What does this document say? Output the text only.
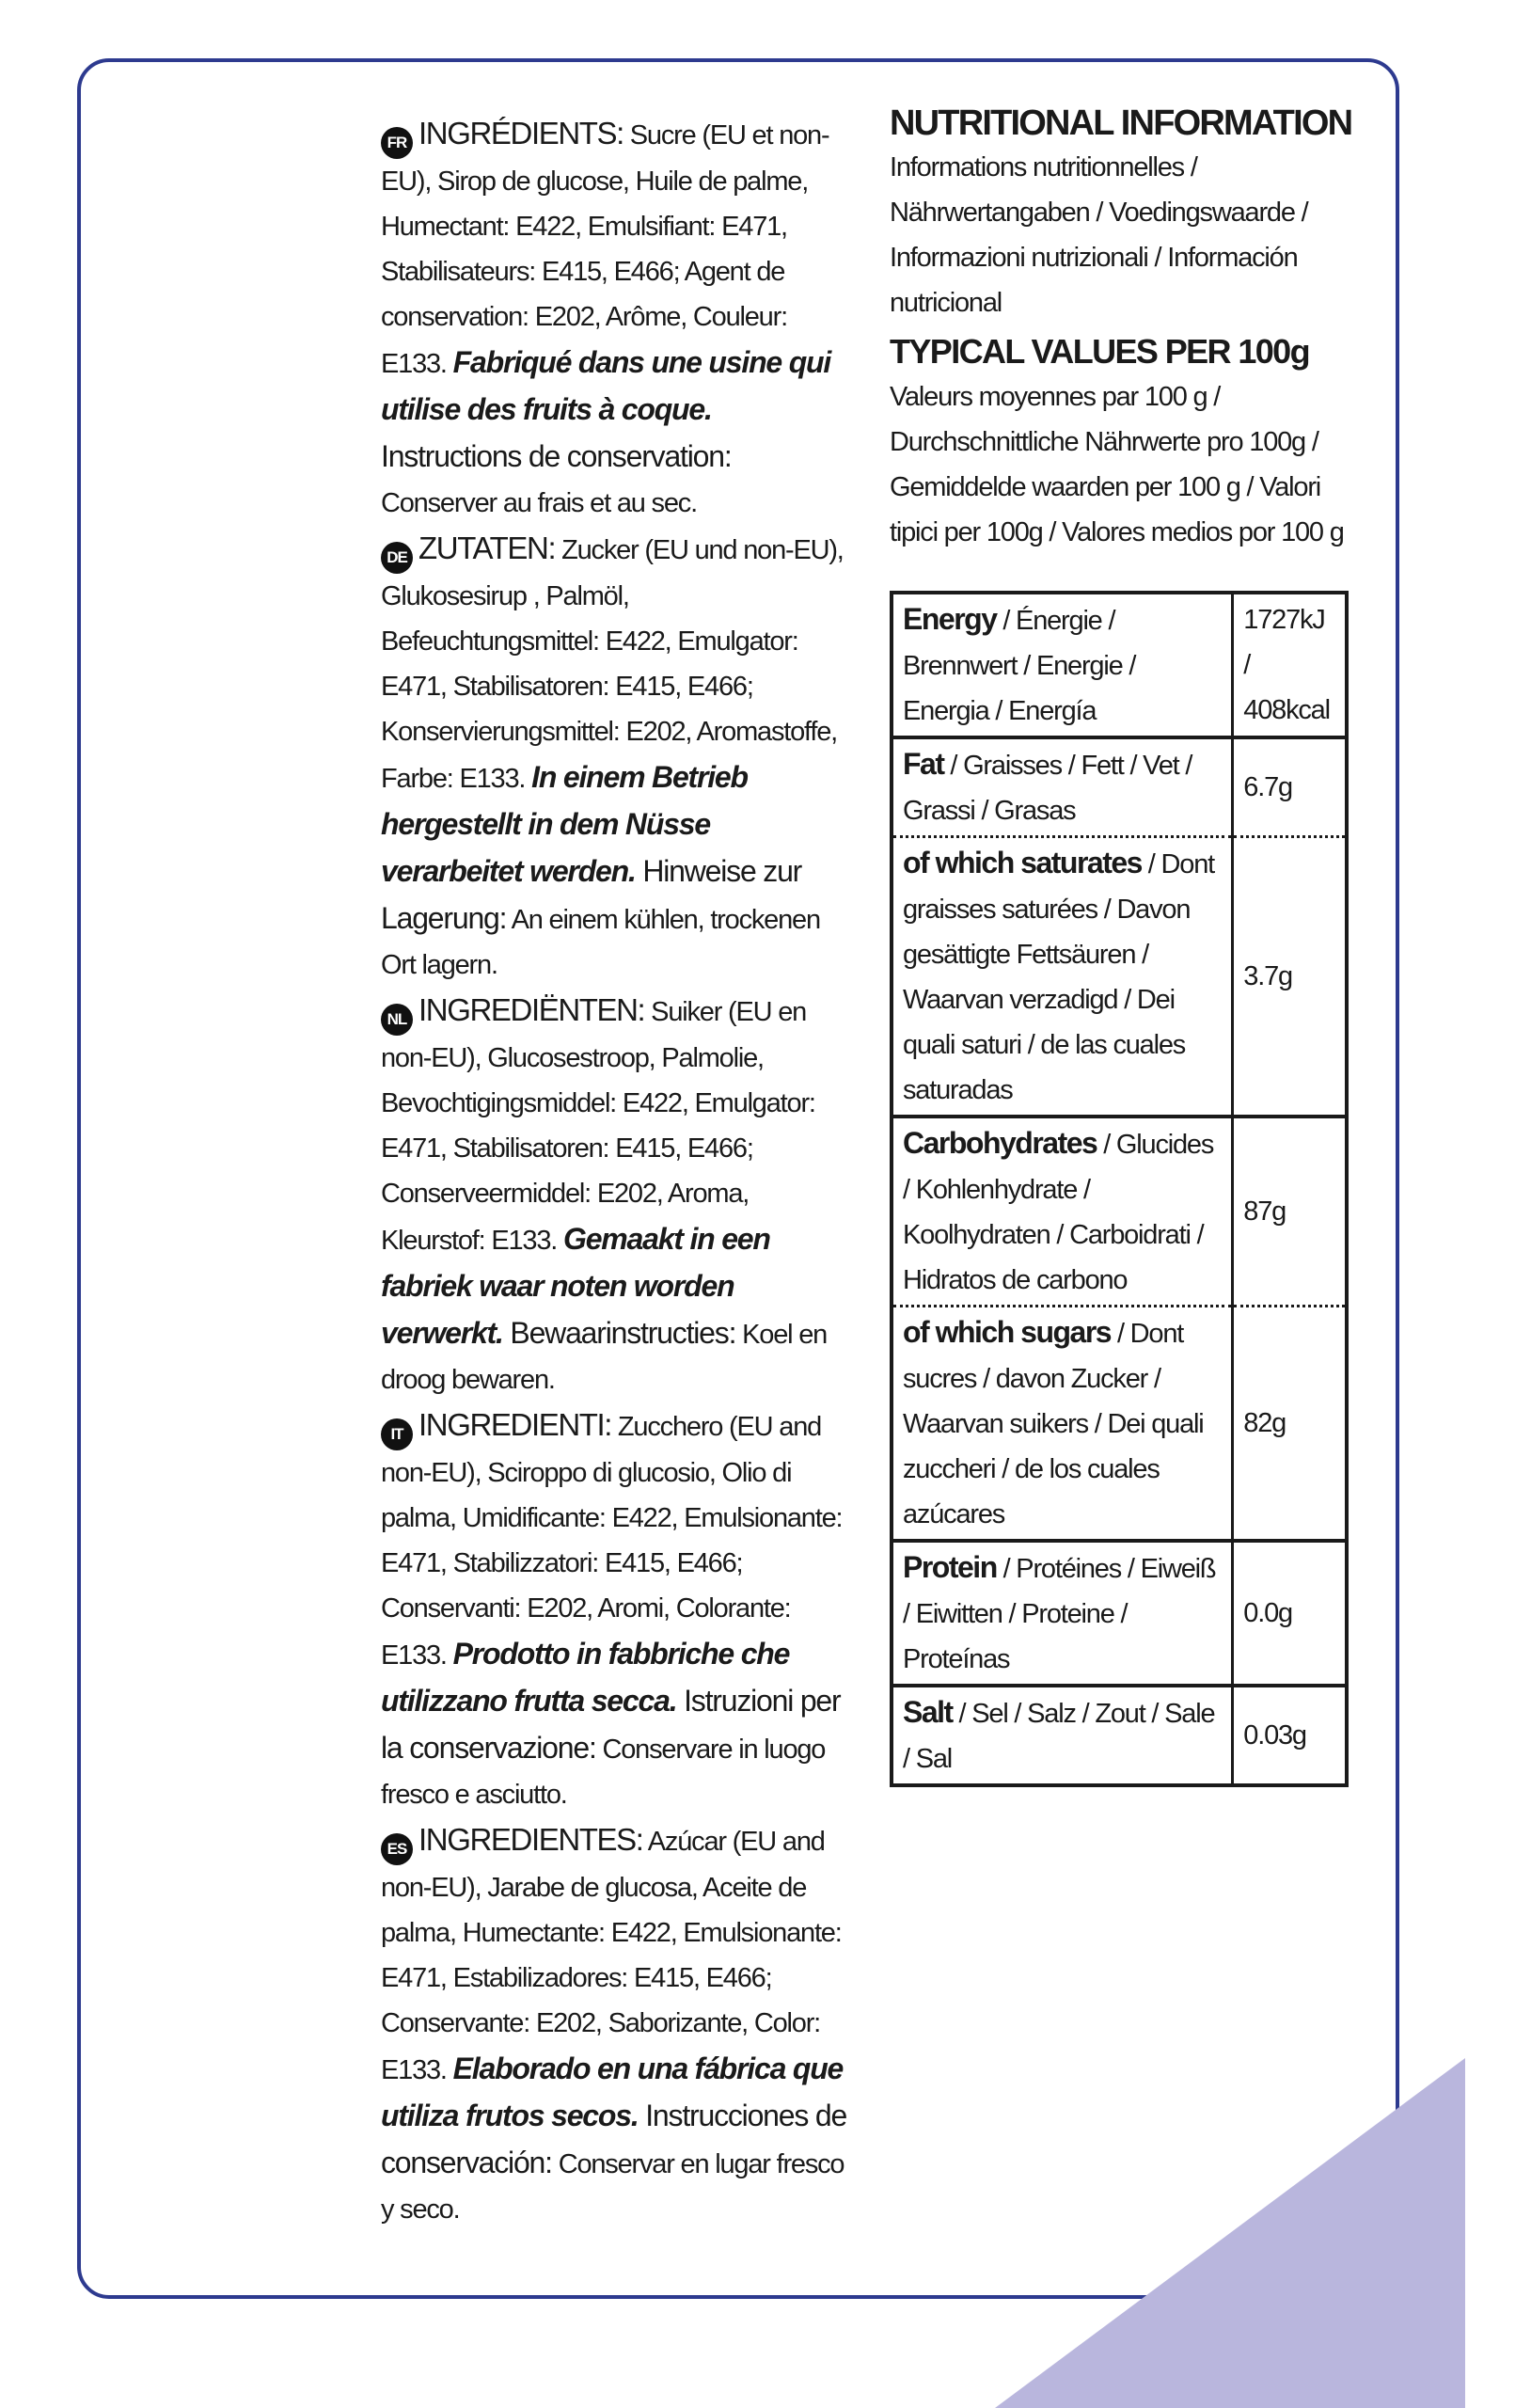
FR INGRÉDIENTS: Sucre (EU et non-EU), Sirop de glucose, Huile de palme, Humectant: E422, Emulsifiant: E471, Stabilisateurs: E415, E466; Agent de conservation: E202, Arôme, Couleur: E133. Fabriqué dans une usine qui utilise des fruits à coque. Instructions de conservation: Conserver au frais et au sec.
DE ZUTATEN: Zucker (EU und non-EU), Glukosesirup , Palmöl, Befeuchtungsmittel: E422, Emulgator: E471, Stabilisatoren: E415, E466; Konservierungsmittel: E202, Aromastoffe, Farbe: E133. In einem Betrieb hergestellt in dem Nüsse verarbeitet werden. Hinweise zur Lagerung: An einem kühlen, trockenen Ort lagern.
NL INGREDIËNTEN: Suiker (EU en non-EU), Glucosestroop, Palmolie, Bevochtigingsmiddel: E422, Emulgator: E471, Stabilisatoren: E415, E466; Conserveermiddel: E202, Aroma, Kleurstof: E133. Gemaakt in een fabriek waar noten worden verwerkt. Bewaarinstructies: Koel en droog bewaren.
IT INGREDIENTI: Zucchero (EU and non-EU), Sciroppo di glucosio, Olio di palma, Umidificante: E422, Emulsionante: E471, Stabilizzatori: E415, E466; Conservanti: E202, Aromi, Colorante: E133. Prodotto in fabbriche che utilizzano frutta secca. Istruzioni per la conservazione: Conservare in luogo fresco e asciutto.
ES INGREDIENTES: Azúcar (EU and non-EU), Jarabe de glucosa, Aceite de palma, Humectante: E422, Emulsionante: E471, Estabilizadores: E415, E466; Conservante: E202, Saborizante, Color: E133. Elaborado en una fábrica que utiliza frutos secos. Instrucciones de conservación: Conservar en lugar fresco y seco.
NUTRITIONAL INFORMATION
Informations nutritionnelles / Nährwertangaben / Voedingswaarde / Informazioni nutrizionali / Información nutricional
TYPICAL VALUES PER 100g
Valeurs moyennes par 100 g / Durchschnittliche Nährwerte pro 100g / Gemiddelde waarden per 100 g / Valori tipici per 100g / Valores medios por 100 g
Energy / Énergie / Brennwert / Energie / Energia / Energía	1727kJ / 408kcal
Fat / Graisses / Fett / Vet / Grassi / Grasas	6.7g
of which saturates / Dont graisses saturées / Davon gesättigte Fettsäuren / Waarvan verzadigd / Dei quali saturi / de las cuales saturadas	3.7g
Carbohydrates / Glucides / Kohlenhydrate / Koolhydraten / Carboidrati / Hidratos de carbono	87g
of which sugars / Dont sucres / davon Zucker / Waarvan suikers / Dei quali zuccheri / de los cuales azúcares	82g
Protein / Protéines / Eiweiß / Eiwitten / Proteine / Proteínas	0.0g
Salt / Sel / Salz / Zout / Sale / Sal	0.03g
